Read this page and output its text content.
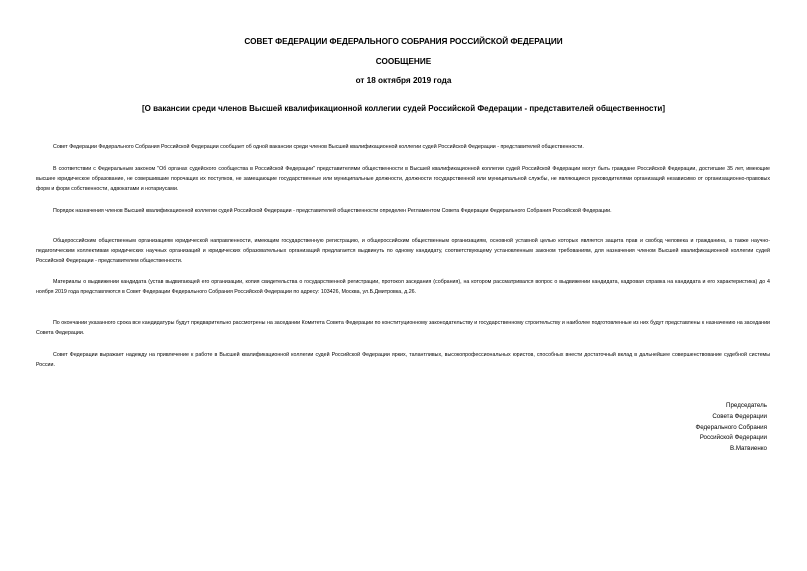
СОВЕТ ФЕДЕРАЦИИ ФЕДЕРАЛЬНОГО СОБРАНИЯ РОССИЙСКОЙ ФЕДЕРАЦИИ
СООБЩЕНИЕ
от 18 октября 2019 года
[О вакансии среди членов Высшей квалификационной коллегии судей Российской Федерации - представителей общественности]

Совет Федерации Федерального Собрания Российской Федерации сообщает об одной вакансии среди членов Высшей квалификационной коллегии судей Российской Федерации - представителей общественности.

В соответствии с Федеральным законом "Об органах судейского сообщества в Российской Федерации" представителями общественности в Высшей квалификационной коллегии судей Российской Федерации могут быть граждане Российской Федерации, достигшие 35 лет, имеющие высшее юридическое образование, не совершившие порочащих их поступков, не замещающие государственные или муниципальные должности, должности государственной или муниципальной службы, не являющиеся руководителями организаций независимо от организационно-правовых форм и форм собственности, адвокатами и нотариусами.

Порядок назначения членов Высшей квалификационной коллегии судей Российской Федерации - представителей общественности определен Регламентом Совета Федерации Федерального Собрания Российской Федерации.

Общероссийским общественным организациям юридической направленности, имеющим государственную регистрацию, и общероссийским общественным организациям, основной уставной целью которых является защита прав и свобод человека и гражданина, а также научно-педагогическим коллективам юридических научных организаций и юридических образовательных организаций предлагается выдвинуть по одному кандидату, соответствующему установленным законом требованиям, для назначения членом Высшей квалификационной коллегии судей Российской Федерации - представителем общественности.

Материалы о выдвижении кандидата (устав выдвигающей его организации, копия свидетельства о государственной регистрации, протокол заседания (собрания), на котором рассматривался вопрос о выдвижении кандидата, кадровая справка на кандидата и его характеристика) до 4 ноября 2019 года представляются в Совет Федерации Федерального Собрания Российской Федерации по адресу: 103426, Москва, ул.Б.Дмитровка, д.26.

По окончании указанного срока все кандидатуры будут предварительно рассмотрены на заседании Комитета Совета Федерации по конституционному законодательству и государственному строительству и наиболее подготовленные из них будут представлены к назначению на заседании Совета Федерации.

Совет Федерации выражает надежду на привлечение к работе в Высшей квалификационной коллегии судей Российской Федерации ярких, талантливых, высокопрофессиональных юристов, способных внести достаточный вклад в дальнейшее совершенствование судебной системы России.

Председатель
Совета Федерации
Федерального Собрания
Российской Федерации
В.Матвиенко
